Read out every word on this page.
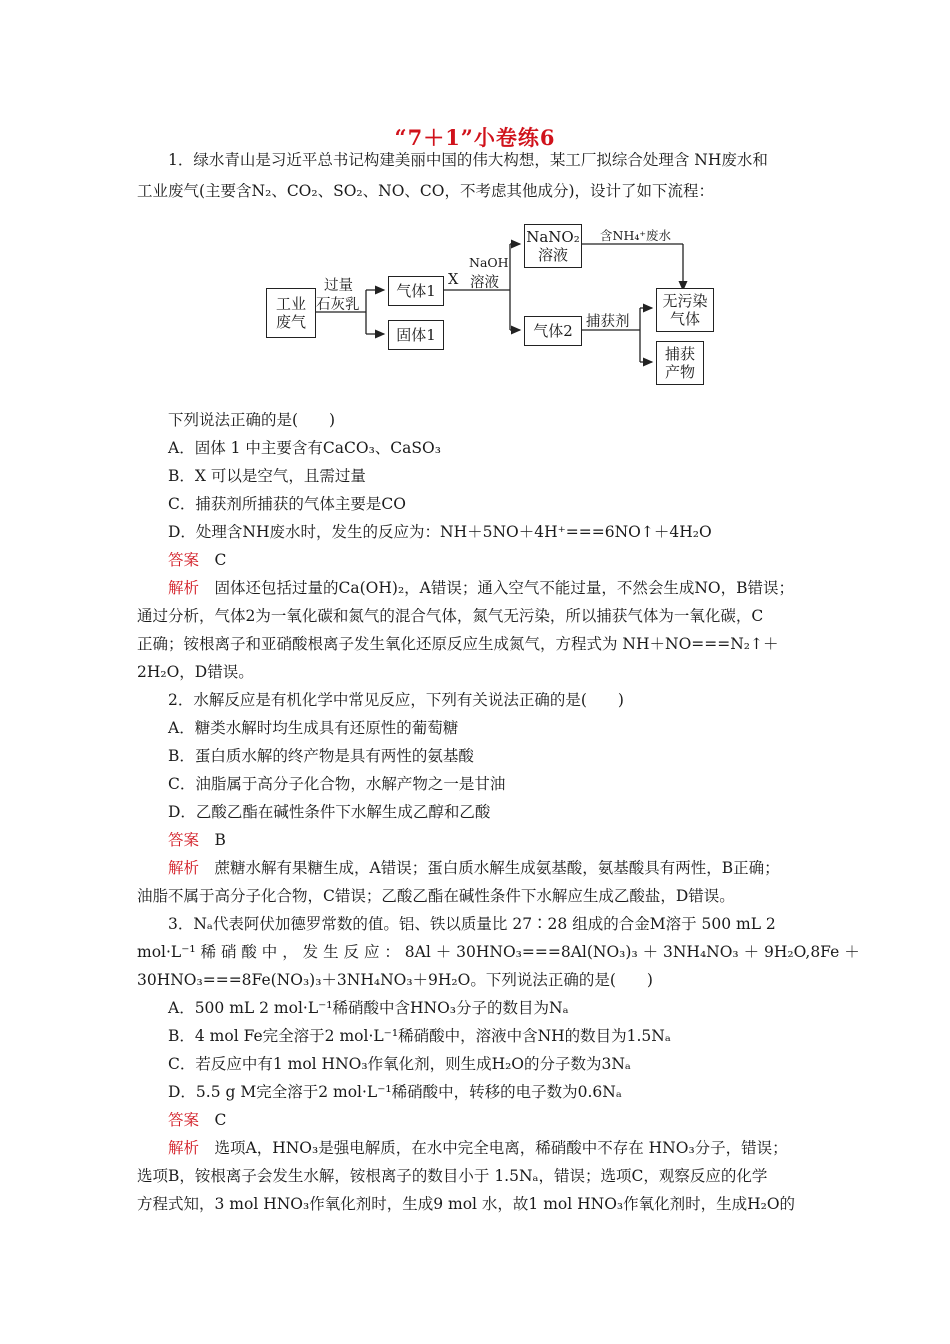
“7＋1”小卷练6
1．绿水青山是习近平总书记构建美丽中国的伟大构想，某工厂拟综合处理含 NH废水和
工业废气(主要含N₂、CO₂、SO₂、NO、CO，不考虑其他成分)，设计了如下流程：
工业
废气
过量
石灰乳
气体1
固体1
X
NaOH
溶液
NaNO₂
溶液
含NH₄⁺废水
气体2 捕获剂
无污染
气体
捕获
产物
下列说法正确的是(　　)
A．固体 1 中主要含有CaCO₃、CaSO₃
B．X 可以是空气，且需过量
C．捕获剂所捕获的气体主要是CO
D．处理含NH废水时，发生的反应为：NH＋5NO＋4H⁺===6NO↑＋4H₂O
答案　 C
解析　 固体还包括过量的Ca(OH)₂，A错误；通入空气不能过量，不然会生成NO，B错误；
通过分析，气体2为一氧化碳和氮气的混合气体，氮气无污染，所以捕获气体为一氧化碳，C
正确；铵根离子和亚硝酸根离子发生氧化还原反应生成氮气，方程式为 NH＋NO===N₂↑＋
2H₂O，D错误。
2．水解反应是有机化学中常见反应，下列有关说法正确的是(　　)
A．糖类水解时均生成具有还原性的葡萄糖
B．蛋白质水解的终产物是具有两性的氨基酸
C．油脂属于高分子化合物，水解产物之一是甘油
D．乙酸乙酯在碱性条件下水解生成乙醇和乙酸
答案　 B
解析　 蔗糖水解有果糖生成，A错误；蛋白质水解生成氨基酸，氨基酸具有两性，B正确；
油脂不属于高分子化合物，C错误；乙酸乙酯在碱性条件下水解应生成乙酸盐，D错误。
3．Nₐ代表阿伏加德罗常数的值。铝、铁以质量比 27∶28 组成的合金M溶于 500 mL 2
mol·L⁻¹ 稀 硝 酸 中 ， 发 生 反 应 ： 8Al ＋ 30HNO₃===8Al(NO₃)₃ ＋ 3NH₄NO₃ ＋ 9H₂O,8Fe ＋
30HNO₃===8Fe(NO₃)₃＋3NH₄NO₃＋9H₂O。下列说法正确的是(　　)
A．500 mL 2 mol·L⁻¹稀硝酸中含HNO₃分子的数目为Nₐ
B．4 mol Fe完全溶于2 mol·L⁻¹稀硝酸中，溶液中含NH的数目为1.5Nₐ
C．若反应中有1 mol HNO₃作氧化剂，则生成H₂O的分子数为3Nₐ
D．5.5 g M完全溶于2 mol·L⁻¹稀硝酸中，转移的电子数为0.6Nₐ
答案　 C
解析　 选项A，HNO₃是强电解质，在水中完全电离，稀硝酸中不存在 HNO₃分子，错误；
选项B，铵根离子会发生水解，铵根离子的数目小于 1.5Nₐ，错误；选项C，观察反应的化学
方程式知，3 mol HNO₃作氧化剂时，生成9 mol 水，故1 mol HNO₃作氧化剂时，生成H₂O的
